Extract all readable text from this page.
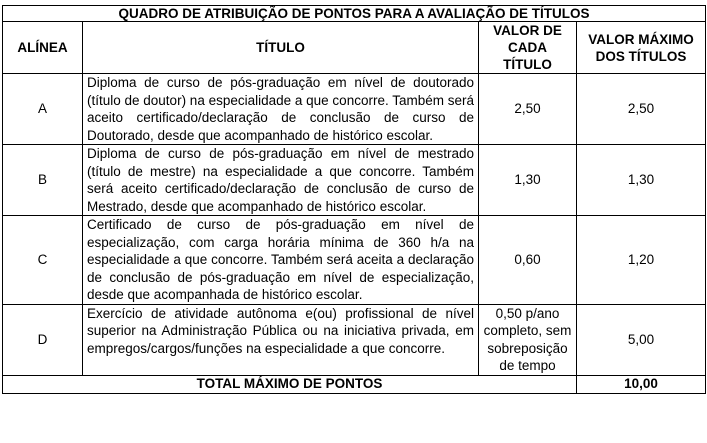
QUADRO DE ATRIBUIÇÃO DE PONTOS PARA A AVALIAÇÃO DE TÍTULOS			
ALÍNEA	TÍTULO	VALOR DE CADA TÍTULO	VALOR MÁXIMO DOS TÍTULOS
A	Diploma de curso de pós-graduação em nível de doutorado (título de doutor) na especialidade a que concorre. Também será aceito certificado/declaração de conclusão de curso de Doutorado, desde que acompanhado de histórico escolar.	2,50	2,50
B	Diploma de curso de pós-graduação em nível de mestrado (título de mestre) na especialidade a que concorre. Também será aceito certificado/declaração de conclusão de curso de Mestrado, desde que acompanhado de histórico escolar.	1,30	1,30
C	Certificado de curso de pós-graduação em nível de especialização, com carga horária mínima de 360 h/a na especialidade a que concorre. Também será aceita a declaração de conclusão de pós-graduação em nível de especialização, desde que acompanhada de histórico escolar.	0,60	1,20
D	Exercício de atividade autônoma e(ou) profissional de nível superior na Administração Pública ou na iniciativa privada, em empregos/cargos/funções na especialidade a que concorre.	0,50 p/ano completo, sem sobreposição de tempo	5,00
TOTAL MÁXIMO DE PONTOS			10,00
